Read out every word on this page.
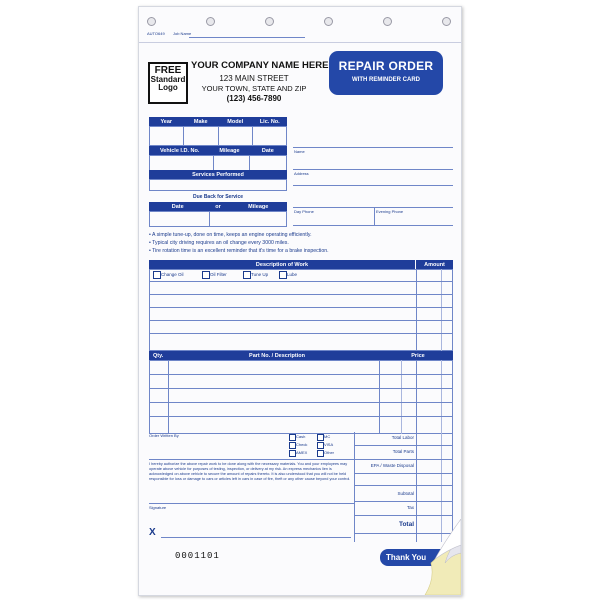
AUTO649 Job Name
FREE
Standard
Logo
YOUR COMPANY NAME HERE
123 MAIN STREET
YOUR TOWN, STATE AND ZIP
(123) 456-7890
REPAIR ORDER
WITH REMINDER CARD
Year	Make	Model	Lic. No.
Vehicle I.D. No.	Mileage	Date
Services Performed
Due Back for Service
Date	or	Mileage
Name
Address
Day Phone	Evening Phone
• A simple tune-up, done on time, keeps an engine operating efficiently.
• Typical city driving requires an oil change every 3000 miles.
• Tire rotation time is an excellent reminder that it's time for a brake inspection.
Description of Work	Amount
Change Oil	Oil Filter	Tune Up	Lube
Qty.	Part No. / Description	Price
Order Written By	Cash	MC
Check	VISA
AMEX	Other
Total Labor
Total Parts
EPA / Waste Disposal
Subtotal
Tax
Total
I hereby authorize the above repair work to be done along with the necessary materials. You and your employees may operate above vehicle for purposes of testing, inspection, or delivery at my risk. An express mechanics lien is acknowledged on above vehicle to secure the amount of repairs thereto. It is also understood that you will not be held responsible for loss or damage to cars or articles left in cars in case of fire, theft or any other cause beyond your control.
Signature
X
0001101	Thank You
